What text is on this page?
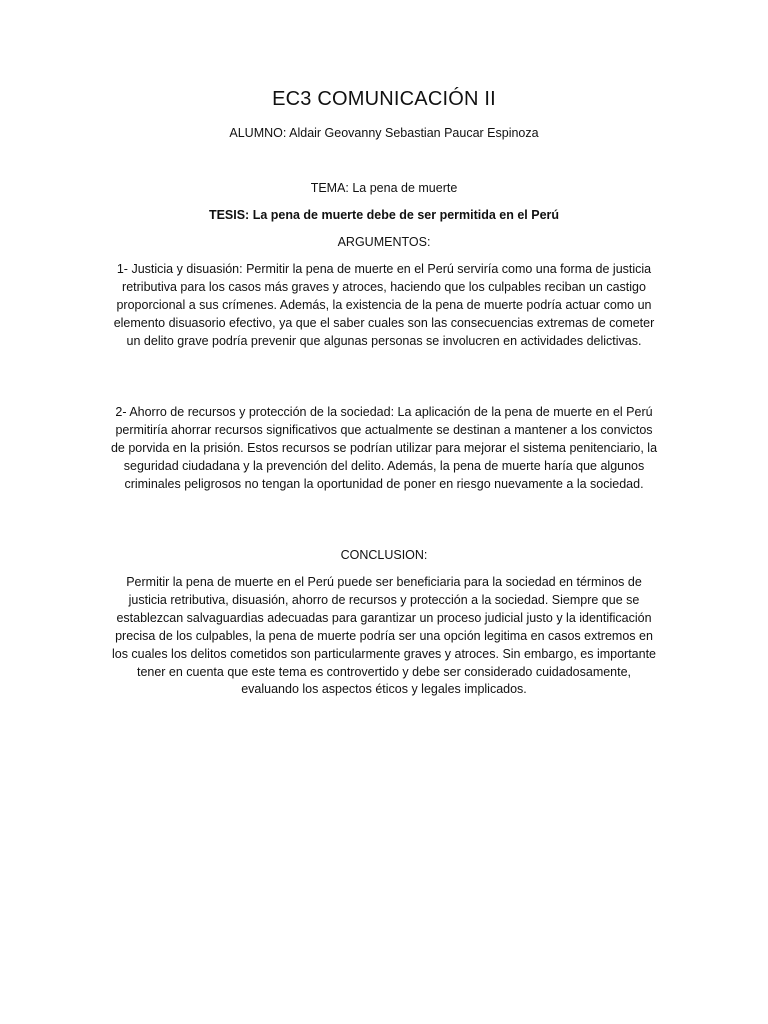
EC3 COMUNICACIÓN II
ALUMNO: Aldair Geovanny Sebastian Paucar Espinoza
TEMA: La pena de muerte
TESIS: La pena de muerte debe de ser permitida en el Perú
ARGUMENTOS:
1- Justicia y disuasión: Permitir la pena de muerte en el Perú serviría como una forma de justicia retributiva para los casos más graves y atroces, haciendo que los culpables reciban un castigo proporcional a sus crímenes. Además, la existencia de la pena de muerte podría actuar como un elemento disuasorio efectivo, ya que el saber cuales son las consecuencias extremas de cometer un delito grave podría prevenir que algunas personas se involucren en actividades delictivas.
2- Ahorro de recursos y protección de la sociedad: La aplicación de la pena de muerte en el Perú permitiría ahorrar recursos significativos que actualmente se destinan a mantener a los convictos de porvida en la prisión. Estos recursos se podrían utilizar para mejorar el sistema penitenciario, la seguridad ciudadana y la prevención del delito. Además, la pena de muerte haría que algunos criminales peligrosos no tengan la oportunidad de poner en riesgo nuevamente a la sociedad.
CONCLUSION:
Permitir la pena de muerte en el Perú puede ser beneficiaria para la sociedad en términos de justicia retributiva, disuasión, ahorro de recursos y protección a la sociedad. Siempre que se establezcan salvaguardias adecuadas para garantizar un proceso judicial justo y la identificación precisa de los culpables, la pena de muerte podría ser una opción legitima en casos extremos en los cuales los delitos cometidos son particularmente graves y atroces. Sin embargo, es importante tener en cuenta que este tema es controvertido y debe ser considerado cuidadosamente, evaluando los aspectos éticos y legales implicados.
